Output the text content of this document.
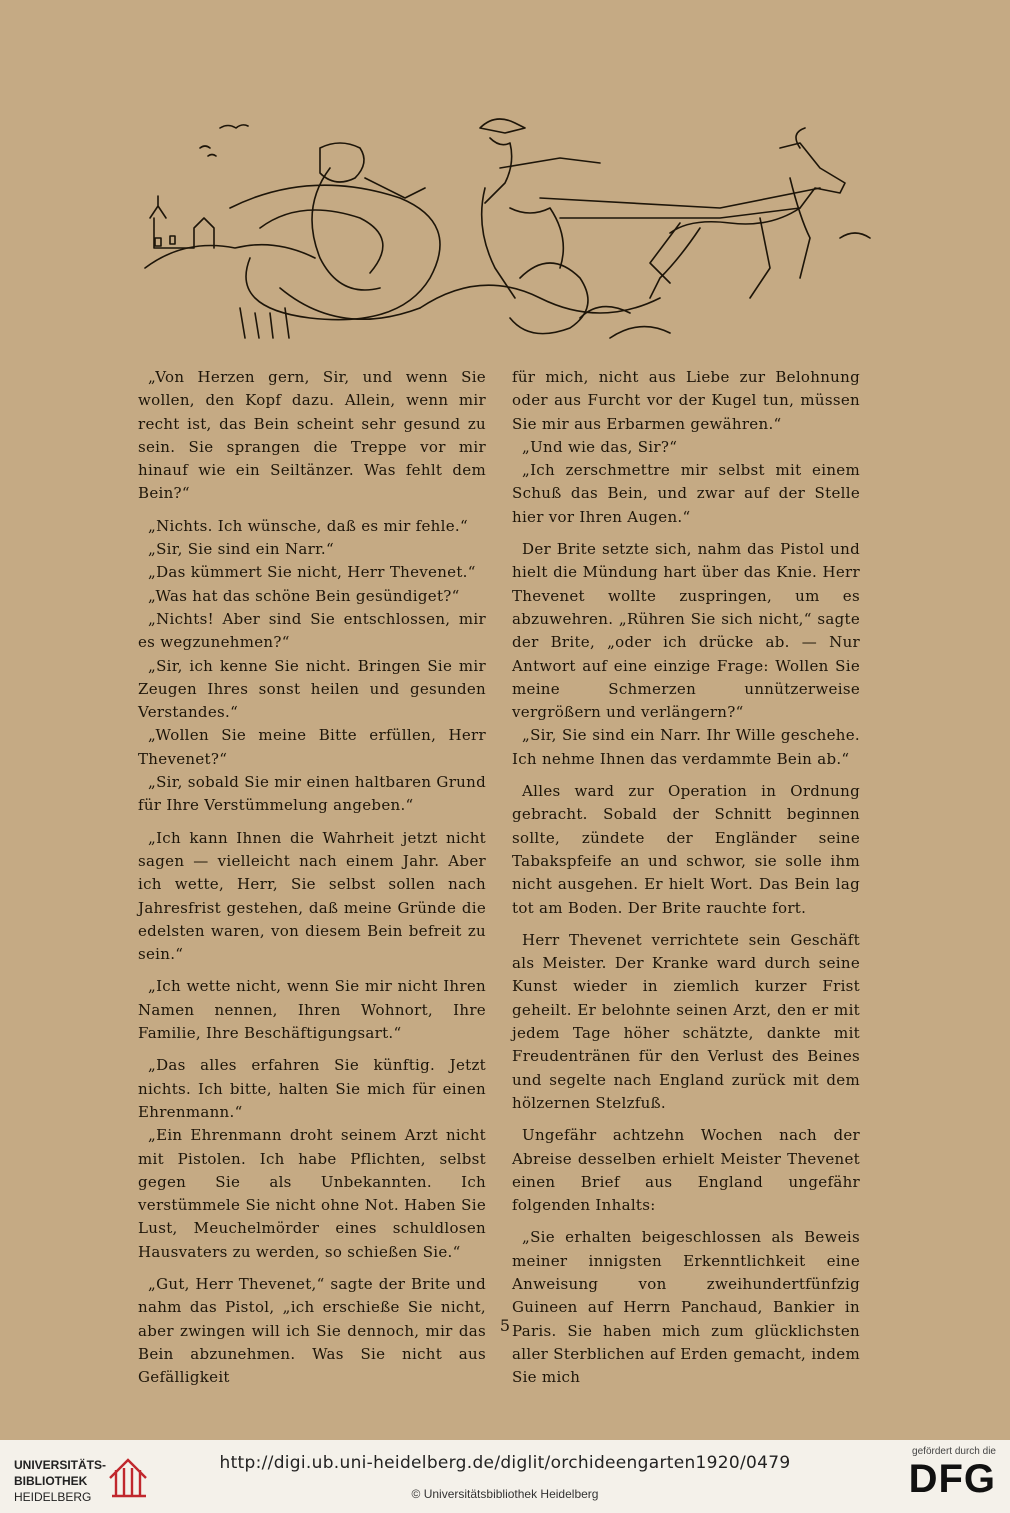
„Von Herzen gern, Sir, und wenn Sie wollen, den Kopf dazu. Allein, wenn mir recht ist, das Bein scheint sehr gesund zu sein. Sie sprangen die Treppe vor mir hinauf wie ein Seiltänzer. Was fehlt dem Bein?“

„Nichts. Ich wünsche, daß es mir fehle.“

„Sir, Sie sind ein Narr.“

„Das kümmert Sie nicht, Herr Thevenet.“

„Was hat das schöne Bein gesündiget?“

„Nichts! Aber sind Sie entschlossen, mir es wegzunehmen?“

„Sir, ich kenne Sie nicht. Bringen Sie mir Zeugen Ihres sonst heilen und gesunden Verstandes.“

„Wollen Sie meine Bitte erfüllen, Herr Thevenet?“

„Sir, sobald Sie mir einen haltbaren Grund für Ihre Verstümmelung angeben.“

„Ich kann Ihnen die Wahrheit jetzt nicht sagen — vielleicht nach einem Jahr. Aber ich wette, Herr, Sie selbst sollen nach Jahresfrist gestehen, daß meine Gründe die edelsten waren, von diesem Bein befreit zu sein.“

„Ich wette nicht, wenn Sie mir nicht Ihren Namen nennen, Ihren Wohnort, Ihre Familie, Ihre Beschäftigungsart.“

„Das alles erfahren Sie künftig. Jetzt nichts. Ich bitte, halten Sie mich für einen Ehrenmann.“

„Ein Ehrenmann droht seinem Arzt nicht mit Pistolen. Ich habe Pflichten, selbst gegen Sie als Unbekannten. Ich verstümmele Sie nicht ohne Not. Haben Sie Lust, Meuchelmörder eines schuldlosen Hausvaters zu werden, so schießen Sie.“

„Gut, Herr Thevenet,“ sagte der Brite und nahm das Pistol, „ich erschieße Sie nicht, aber zwingen will ich Sie dennoch, mir das Bein abzunehmen. Was Sie nicht aus Gefälligkeit

für mich, nicht aus Liebe zur Belohnung oder aus Furcht vor der Kugel tun, müssen Sie mir aus Erbarmen gewähren.“

„Und wie das, Sir?“

„Ich zerschmettre mir selbst mit einem Schuß das Bein, und zwar auf der Stelle hier vor Ihren Augen.“

Der Brite setzte sich, nahm das Pistol und hielt die Mündung hart über das Knie. Herr Thevenet wollte zuspringen, um es abzuwehren. „Rühren Sie sich nicht,“ sagte der Brite, „oder ich drücke ab. — Nur Antwort auf eine einzige Frage: Wollen Sie meine Schmerzen unnützerweise vergrößern und verlängern?“

„Sir, Sie sind ein Narr. Ihr Wille geschehe. Ich nehme Ihnen das verdammte Bein ab.“

Alles ward zur Operation in Ordnung gebracht. Sobald der Schnitt beginnen sollte, zündete der Engländer seine Tabakspfeife an und schwor, sie solle ihm nicht ausgehen. Er hielt Wort. Das Bein lag tot am Boden. Der Brite rauchte fort.

Herr Thevenet verrichtete sein Geschäft als Meister. Der Kranke ward durch seine Kunst wieder in ziemlich kurzer Frist geheilt. Er belohnte seinen Arzt, den er mit jedem Tage höher schätzte, dankte mit Freudentränen für den Verlust des Beines und segelte nach England zurück mit dem hölzernen Stelzfuß.

Ungefähr achtzehn Wochen nach der Abreise desselben erhielt Meister Thevenet einen Brief aus England ungefähr folgenden Inhalts:

„Sie erhalten beigeschlossen als Beweis meiner innigsten Erkenntlichkeit eine Anweisung von zweihundertfünfzig Guineen auf Herrn Panchaud, Bankier in Paris. Sie haben mich zum glücklichsten aller Sterblichen auf Erden gemacht, indem Sie mich

5
UNIVERSITÄTS-
BIBLIOTHEK
HEIDELBERG
http://digi.ub.uni-heidelberg.de/diglit/orchideengarten1920/0479
© Universitätsbibliothek Heidelberg
gefördert durch die
DFG
